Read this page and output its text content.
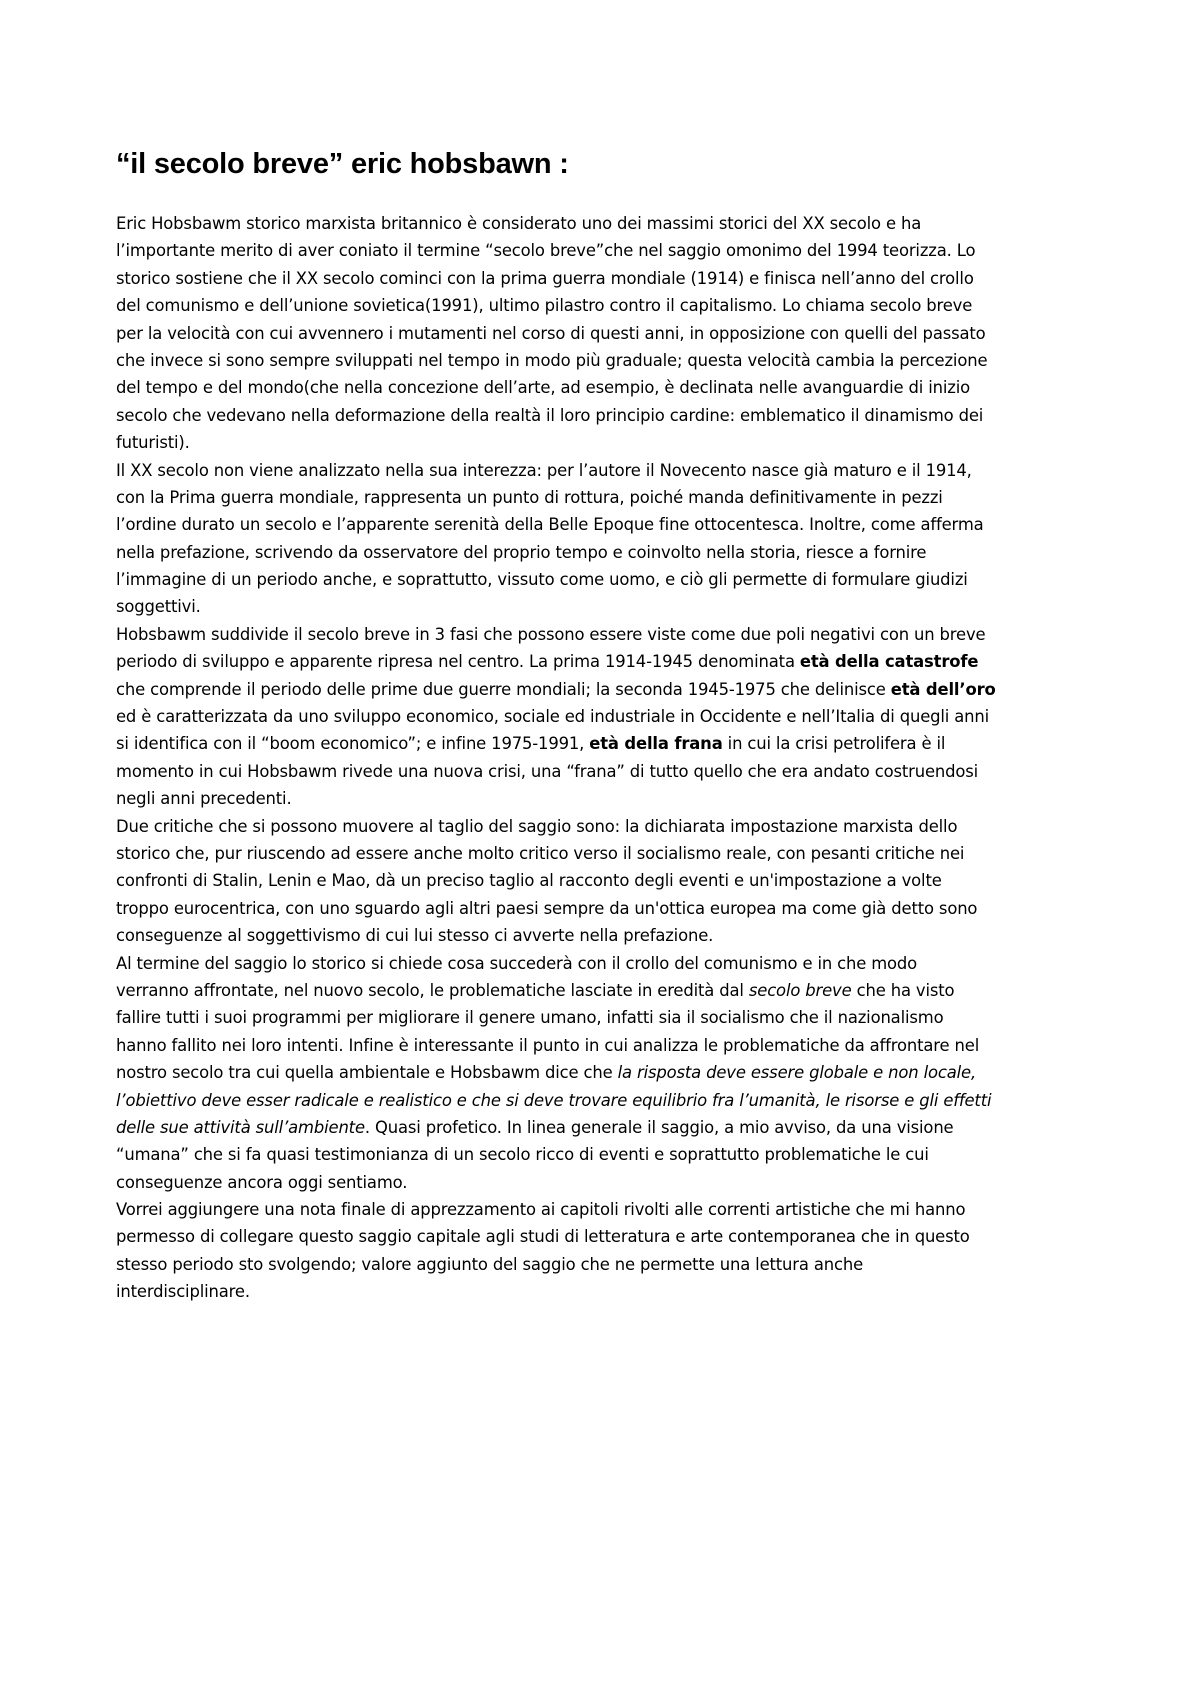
“il secolo breve” eric hobsbawn :

Eric Hobsbawm storico marxista britannico è considerato uno dei massimi storici del XX secolo e ha
l’importante merito di aver coniato il termine “secolo breve”che nel saggio omonimo del 1994 teorizza. Lo
storico sostiene che il XX secolo cominci con la prima guerra mondiale (1914) e finisca nell’anno del crollo
del comunismo e dell’unione sovietica(1991), ultimo pilastro contro il capitalismo. Lo chiama secolo breve
per la velocità con cui avvennero i mutamenti nel corso di questi anni, in opposizione con quelli del passato
che invece si sono sempre sviluppati nel tempo in modo più graduale; questa velocità cambia la percezione
del tempo e del mondo(che nella concezione dell’arte, ad esempio, è declinata nelle avanguardie di inizio
secolo che vedevano nella deformazione della realtà il loro principio cardine: emblematico il dinamismo dei
futuristi).

Il XX secolo non viene analizzato nella sua interezza: per l’autore il Novecento nasce già maturo e il 1914,
con la Prima guerra mondiale, rappresenta un punto di rottura, poiché manda definitivamente in pezzi
l’ordine durato un secolo e l’apparente serenità della Belle Epoque fine ottocentesca. Inoltre, come afferma
nella prefazione, scrivendo da osservatore del proprio tempo e coinvolto nella storia, riesce a fornire
l’immagine di un periodo anche, e soprattutto, vissuto come uomo, e ciò gli permette di formulare giudizi
soggettivi.

Hobsbawm suddivide il secolo breve in 3 fasi che possono essere viste come due poli negativi con un breve
periodo di sviluppo e apparente ripresa nel centro. La prima 1914-1945 denominata età della catastrofe
che comprende il periodo delle prime due guerre mondiali; la seconda 1945-1975 che delinisce età dell’oro
ed è caratterizzata da uno sviluppo economico, sociale ed industriale in Occidente e nell’Italia di quegli anni
si identifica con il “boom economico”; e infine 1975-1991, età della frana in cui la crisi petrolifera è il
momento in cui Hobsbawm rivede una nuova crisi, una “frana” di tutto quello che era andato costruendosi
negli anni precedenti.

Due critiche che si possono muovere al taglio del saggio sono: la dichiarata impostazione marxista dello
storico che, pur riuscendo ad essere anche molto critico verso il socialismo reale, con pesanti critiche nei
confronti di Stalin, Lenin e Mao, dà un preciso taglio al racconto degli eventi e un'impostazione a volte
troppo eurocentrica, con uno sguardo agli altri paesi sempre da un'ottica europea ma come già detto sono
conseguenze al soggettivismo di cui lui stesso ci avverte nella prefazione.

Al termine del saggio lo storico si chiede cosa succederà con il crollo del comunismo e in che modo
verranno affrontate, nel nuovo secolo, le problematiche lasciate in eredità dal secolo breve che ha visto
fallire tutti i suoi programmi per migliorare il genere umano, infatti sia il socialismo che il nazionalismo
hanno fallito nei loro intenti. Infine è interessante il punto in cui analizza le problematiche da affrontare nel
nostro secolo tra cui quella ambientale e Hobsbawm dice che la risposta deve essere globale e non locale,
l’obiettivo deve esser radicale e realistico e che si deve trovare equilibrio fra l’umanità, le risorse e gli effetti
delle sue attività sull’ambiente. Quasi profetico. In linea generale il saggio, a mio avviso, da una visione
“umana” che si fa quasi testimonianza di un secolo ricco di eventi e soprattutto problematiche le cui
conseguenze ancora oggi sentiamo.

Vorrei aggiungere una nota finale di apprezzamento ai capitoli rivolti alle correnti artistiche che mi hanno
permesso di collegare questo saggio capitale agli studi di letteratura e arte contemporanea che in questo
stesso periodo sto svolgendo; valore aggiunto del saggio che ne permette una lettura anche
interdisciplinare.
